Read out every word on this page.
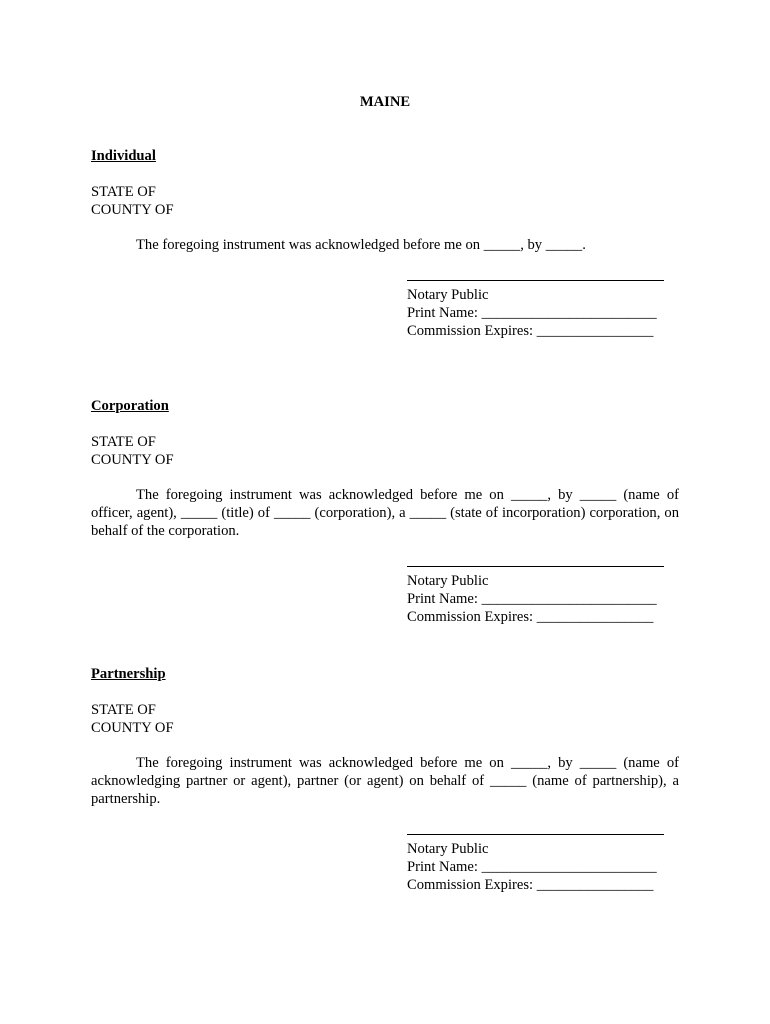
MAINE

Individual

STATE OF

COUNTY OF

The foregoing instrument was acknowledged before me on _____, by _____.

Notary Public
Print Name: ________________________
Commission Expires: ________________

Corporation

STATE OF

COUNTY OF

The foregoing instrument was acknowledged before me on _____, by _____ (name of officer, agent), _____ (title) of _____ (corporation), a _____ (state of incorporation) corporation, on behalf of the corporation.

Notary Public
Print Name: ________________________
Commission Expires: ________________

Partnership

STATE OF

COUNTY OF

The foregoing instrument was acknowledged before me on _____, by _____ (name of acknowledging partner or agent), partner (or agent) on behalf of _____ (name of partnership), a partnership.

Notary Public
Print Name: ________________________
Commission Expires: ________________
